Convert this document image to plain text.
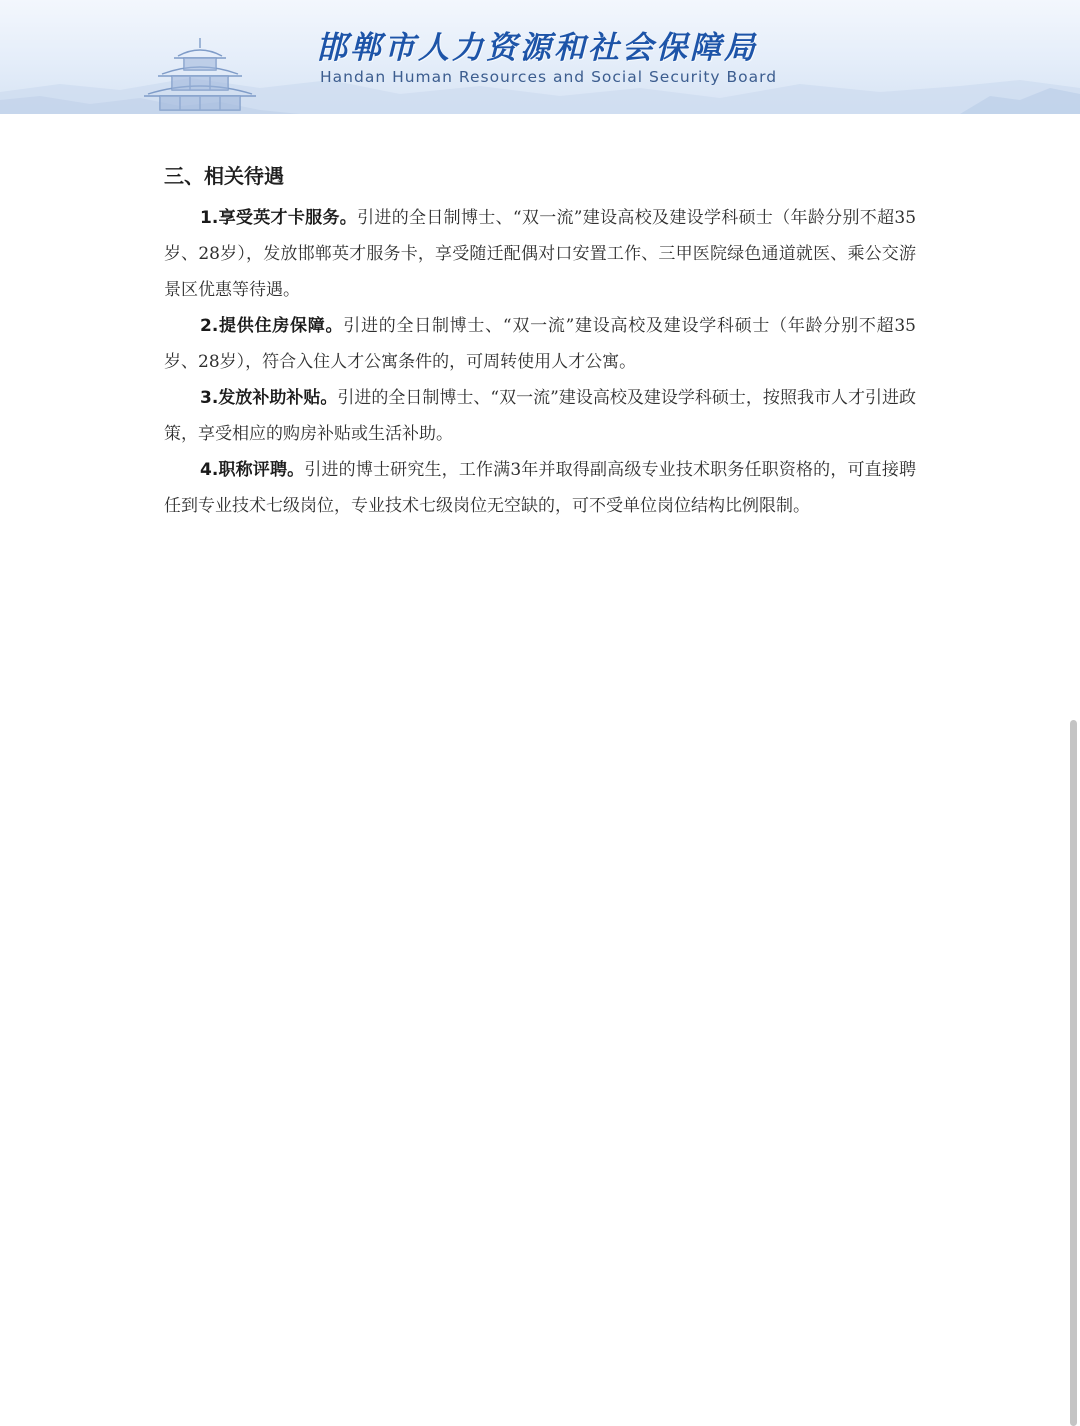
邯郸市人力资源和社会保障局
Handan Human Resources and Social Security Board
三、相关待遇

1.享受英才卡服务。引进的全日制博士、“双一流”建设高校及建设学科硕士（年龄分别不超35岁、28岁），发放邯郸英才服务卡，享受随迁配偶对口安置工作、三甲医院绿色通道就医、乘公交游景区优惠等待遇。

2.提供住房保障。引进的全日制博士、“双一流”建设高校及建设学科硕士（年龄分别不超35岁、28岁），符合入住人才公寓条件的，可周转使用人才公寓。

3.发放补助补贴。引进的全日制博士、“双一流”建设高校及建设学科硕士，按照我市人才引进政策，享受相应的购房补贴或生活补助。

4.职称评聘。引进的博士研究生，工作满3年并取得副高级专业技术职务任职资格的，可直接聘任到专业技术七级岗位，专业技术七级岗位无空缺的，可不受单位岗位结构比例限制。
